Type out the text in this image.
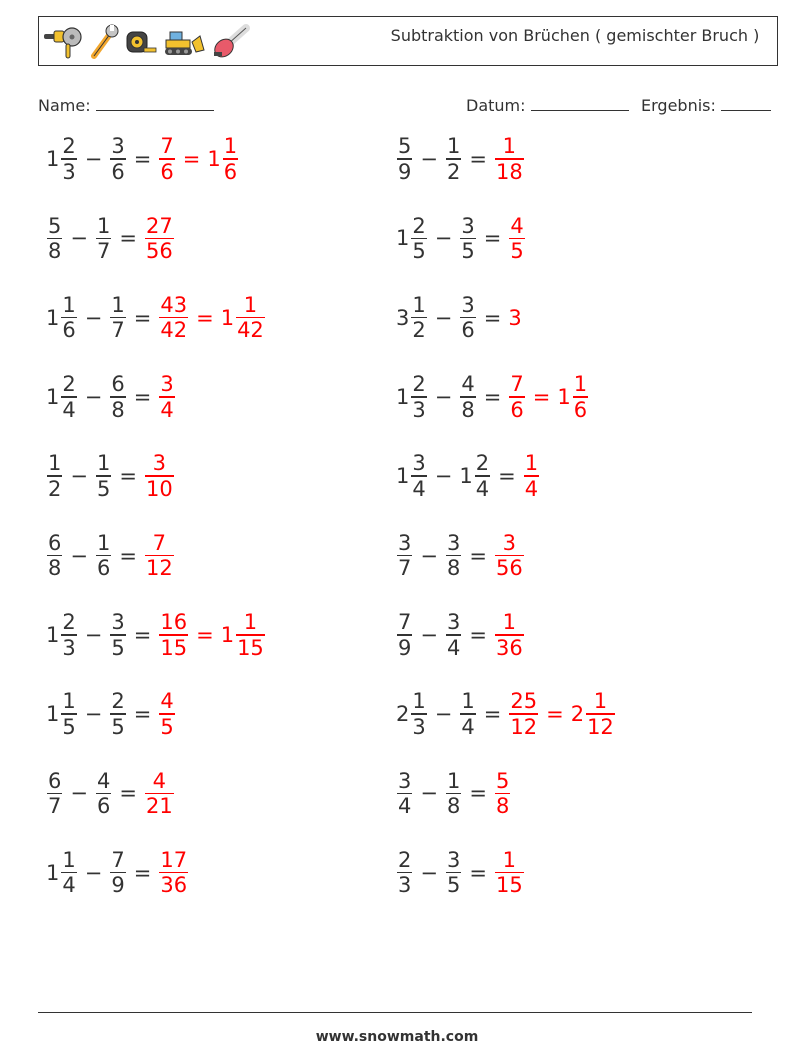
Subtraktion von Brüchen ( gemischter Bruch )
Name:	Datum:	Ergebnis:
$1 \frac{2}{3} - \frac{3}{6} = \frac{7}{6} = 1 \frac{1}{6}$	$\frac{5}{9} - \frac{1}{2} = \frac{1}{18}$
$\frac{5}{8} - \frac{1}{7} = \frac{27}{56}$	$1 \frac{2}{5} - \frac{3}{5} = \frac{4}{5}$
$1 \frac{1}{6} - \frac{1}{7} = \frac{43}{42} = 1 \frac{1}{42}$	$3 \frac{1}{2} - \frac{3}{6} = 3$
$1 \frac{2}{4} - \frac{6}{8} = \frac{3}{4}$	$1 \frac{2}{3} - \frac{4}{8} = \frac{7}{6} = 1 \frac{1}{6}$
$\frac{1}{2} - \frac{1}{5} = \frac{3}{10}$	$1 \frac{3}{4} - 1 \frac{2}{4} = \frac{1}{4}$
$\frac{6}{8} - \frac{1}{6} = \frac{7}{12}$	$\frac{3}{7} - \frac{3}{8} = \frac{3}{56}$
$1 \frac{2}{3} - \frac{3}{5} = \frac{16}{15} = 1 \frac{1}{15}$	$\frac{7}{9} - \frac{3}{4} = \frac{1}{36}$
$1 \frac{1}{5} - \frac{2}{5} = \frac{4}{5}$	$2 \frac{1}{3} - \frac{1}{4} = \frac{25}{12} = 2 \frac{1}{12}$
$\frac{6}{7} - \frac{4}{6} = \frac{4}{21}$	$\frac{3}{4} - \frac{1}{8} = \frac{5}{8}$
$1 \frac{1}{4} - \frac{7}{9} = \frac{17}{36}$	$\frac{2}{3} - \frac{3}{5} = \frac{1}{15}$
www.snowmath.com
